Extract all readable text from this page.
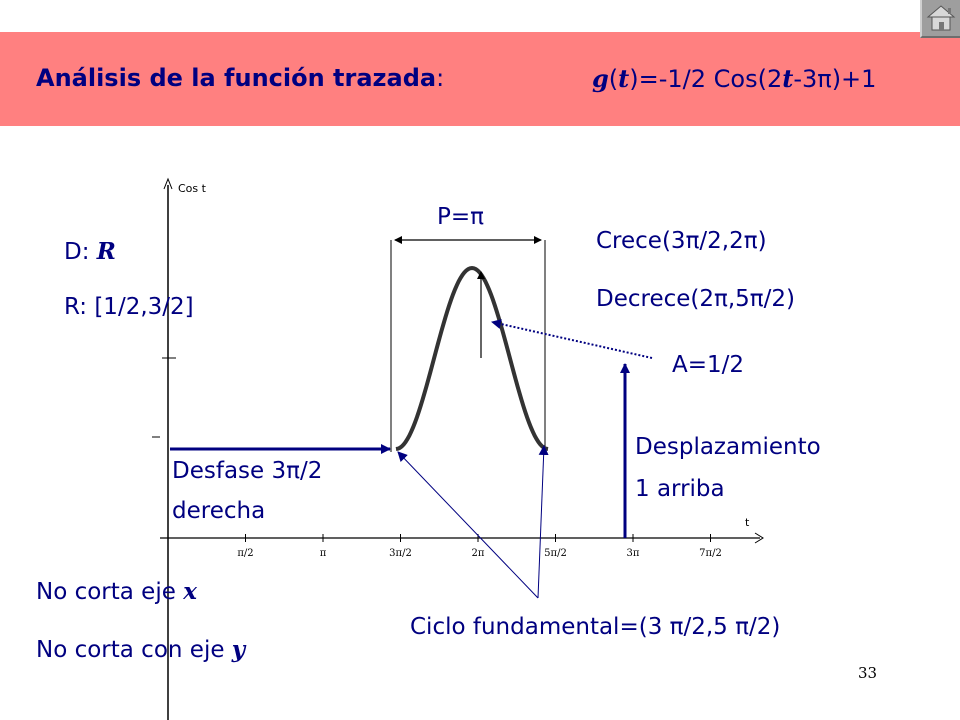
Análisis de la función trazada:	g(t)=-1/2 Cos(2t-3π)+1
Cos t
t
π/2	π	3π/2	2π	5π/2	3π	7π/2
D: R
R: [1/2,3/2]
P=π
Crece(3π/2,2π)
Decrece(2π,5π/2)
A=1/2
Desplazamiento
1 arriba
Desfase 3π/2
derecha
No corta eje x
No corta con eje y
Ciclo fundamental=(3 π/2,5 π/2)
33
